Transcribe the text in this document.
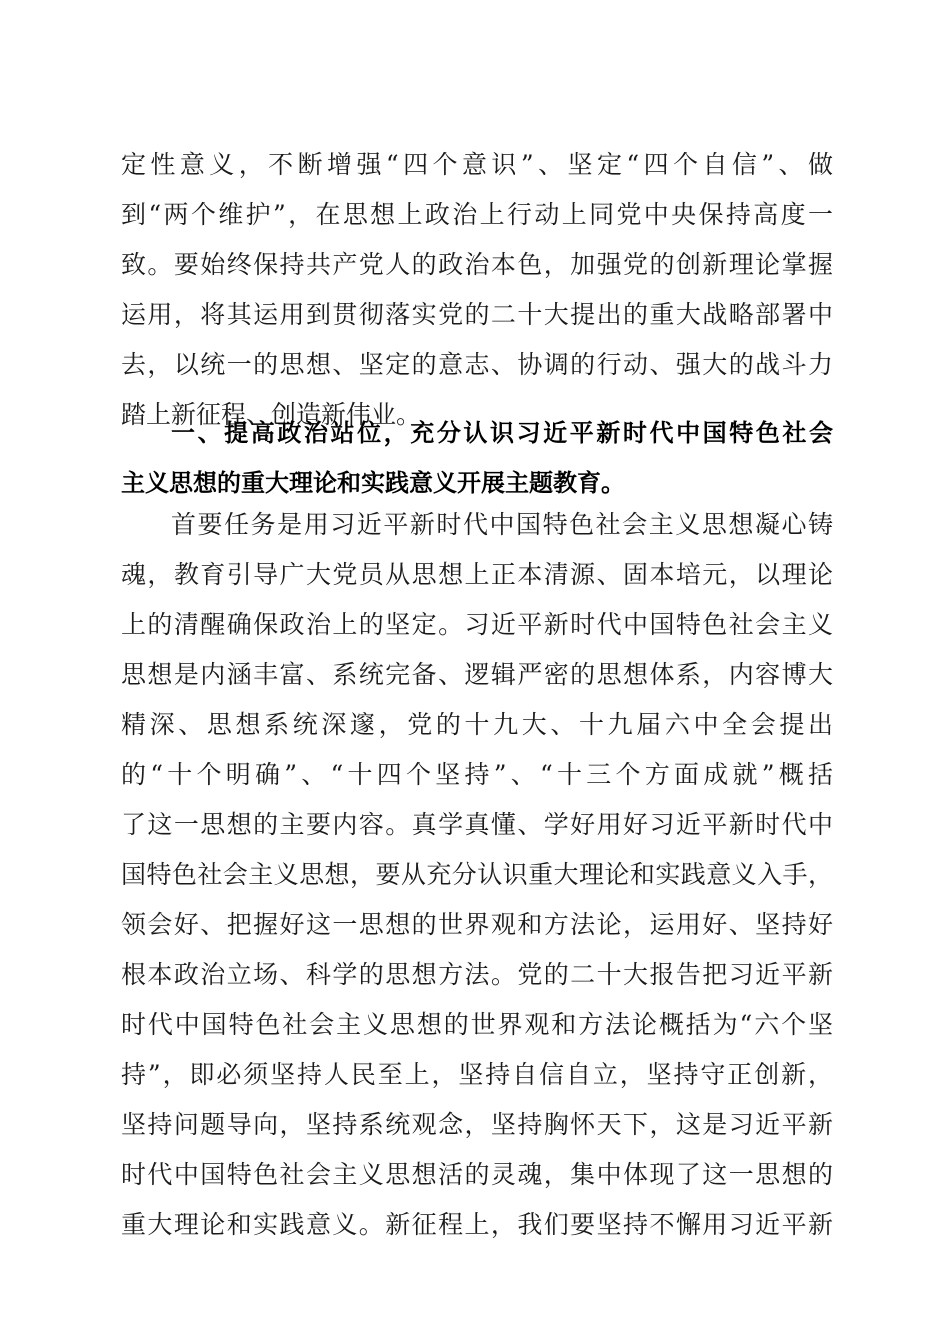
定性意义，不断增强“四个意识”、坚定“四个自信”、做
到“两个维护”，在思想上政治上行动上同党中央保持高度一
致。要始终保持共产党人的政治本色，加强党的创新理论掌握
运用，将其运用到贯彻落实党的二十大提出的重大战略部署中
去，以统一的思想、坚定的意志、协调的行动、强大的战斗力
踏上新征程、创造新伟业。
一、提高政治站位，充分认识习近平新时代中国特色社会
主义思想的重大理论和实践意义开展主题教育。
首要任务是用习近平新时代中国特色社会主义思想凝心铸
魂，教育引导广大党员从思想上正本清源、固本培元，以理论
上的清醒确保政治上的坚定。习近平新时代中国特色社会主义
思想是内涵丰富、系统完备、逻辑严密的思想体系，内容博大
精深、思想系统深邃，党的十九大、十九届六中全会提出
的“十个明确”、“十四个坚持”、“十三个方面成就”概括
了这一思想的主要内容。真学真懂、学好用好习近平新时代中
国特色社会主义思想，要从充分认识重大理论和实践意义入手，
领会好、把握好这一思想的世界观和方法论，运用好、坚持好
根本政治立场、科学的思想方法。党的二十大报告把习近平新
时代中国特色社会主义思想的世界观和方法论概括为“六个坚
持”，即必须坚持人民至上，坚持自信自立，坚持守正创新，
坚持问题导向，坚持系统观念，坚持胸怀天下，这是习近平新
时代中国特色社会主义思想活的灵魂，集中体现了这一思想的
重大理论和实践意义。新征程上，我们要坚持不懈用习近平新
